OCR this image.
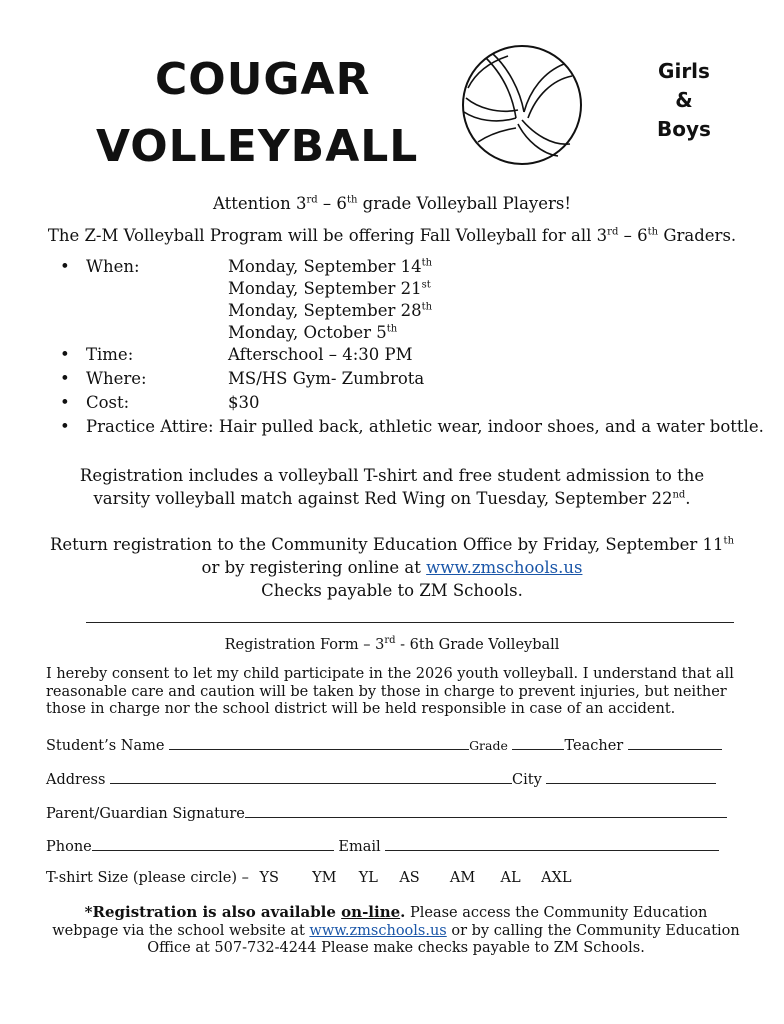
COUGAR
VOLLEYBALL
Girls
&
Boys
Attention 3rd – 6th grade Volleyball Players!
The Z-M Volleyball Program will be offering Fall Volleyball for all 3rd – 6th Graders.
• When:	Monday, September 14th
Monday, September 21st
Monday, September 28th
Monday, October 5th
• Time:	Afterschool – 4:30 PM
• Where:	MS/HS Gym- Zumbrota
• Cost:	$30
• Practice Attire: Hair pulled back, athletic wear, indoor shoes, and a water bottle.
Registration includes a volleyball T-shirt and free student admission to the
varsity volleyball match against Red Wing on Tuesday, September 22nd.
Return registration to the Community Education Office by Friday, September 11th
or by registering online at www.zmschools.us
Checks payable to ZM Schools.
Registration Form – 3rd - 6th Grade Volleyball
I hereby consent to let my child participate in the 2026 youth volleyball. I understand that all reasonable care and caution will be taken by those in charge to prevent injuries, but neither those in charge nor the school district will be held responsible in case of an accident.
Student’s Name	Grade	Teacher
Address	City
Parent/Guardian Signature
Phone	Email
T-shirt Size (please circle) – YS YM YL AS AM AL AXL
*Registration is also available on-line. Please access the Community Education webpage via the school website at www.zmschools.us or by calling the Community Education Office at 507-732-4244 Please make checks payable to ZM Schools.
